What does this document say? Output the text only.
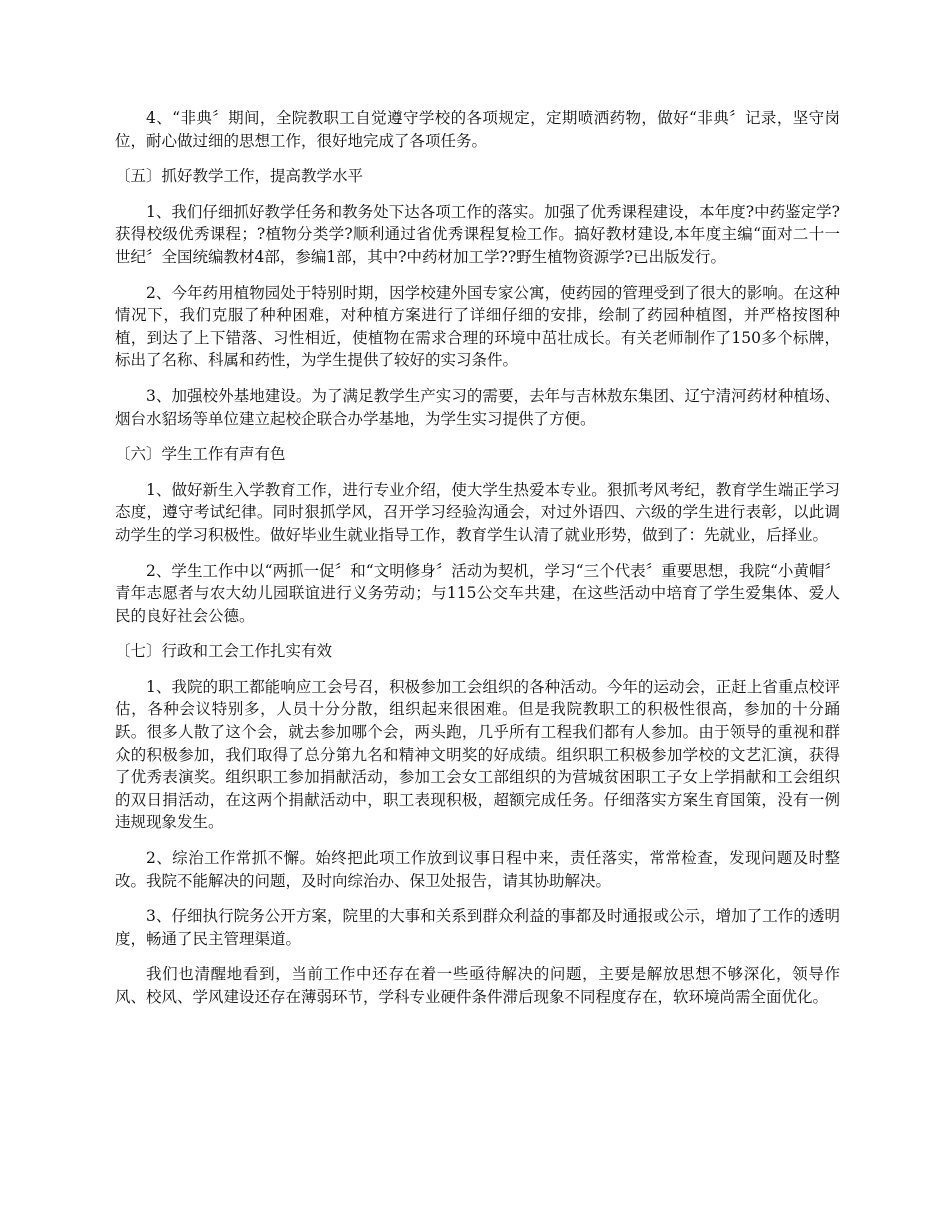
4、“非典〞期间，全院教职工自觉遵守学校的各项规定，定期喷洒药物，做好“非典〞记录，坚守岗位，耐心做过细的思想工作，很好地完成了各项任务。

〔五〕抓好教学工作，提高教学水平

1、我们仔细抓好教学任务和教务处下达各项工作的落实。加强了优秀课程建设，本年度?中药鉴定学?获得校级优秀课程；?植物分类学?顺利通过省优秀课程复检工作。搞好教材建设,本年度主编“面对二十一世纪〞全国统编教材4部，参编1部，其中?中药材加工学??野生植物资源学?已出版发行。

2、今年药用植物园处于特别时期，因学校建外国专家公寓，使药园的管理受到了很大的影响。在这种情况下，我们克服了种种困难，对种植方案进行了详细仔细的安排，绘制了药园种植图，并严格按图种植，到达了上下错落、习性相近，使植物在需求合理的环境中茁壮成长。有关老师制作了150多个标牌，标出了名称、科属和药性，为学生提供了较好的实习条件。

3、加强校外基地建设。为了满足教学生产实习的需要，去年与吉林敖东集团、辽宁清河药材种植场、烟台水貂场等单位建立起校企联合办学基地，为学生实习提供了方便。

〔六〕学生工作有声有色

1、做好新生入学教育工作，进行专业介绍，使大学生热爱本专业。狠抓考风考纪，教育学生端正学习态度，遵守考试纪律。同时狠抓学风，召开学习经验沟通会，对过外语四、六级的学生进行表彰，以此调动学生的学习积极性。做好毕业生就业指导工作，教育学生认清了就业形势，做到了：先就业，后择业。

2、学生工作中以“两抓一促〞和“文明修身〞活动为契机，学习“三个代表〞重要思想，我院“小黄帽〞青年志愿者与农大幼儿园联谊进行义务劳动；与115公交车共建，在这些活动中培育了学生爱集体、爱人民的良好社会公德。

〔七〕行政和工会工作扎实有效

1、我院的职工都能响应工会号召，积极参加工会组织的各种活动。今年的运动会，正赶上省重点校评估，各种会议特别多，人员十分分散，组织起来很困难。但是我院教职工的积极性很高，参加的十分踊跃。很多人散了这个会，就去参加哪个会，两头跑，几乎所有工程我们都有人参加。由于领导的重视和群众的积极参加，我们取得了总分第九名和精神文明奖的好成绩。组织职工积极参加学校的文艺汇演，获得了优秀表演奖。组织职工参加捐献活动，参加工会女工部组织的为营城贫困职工子女上学捐献和工会组织的双日捐活动，在这两个捐献活动中，职工表现积极，超额完成任务。仔细落实方案生育国策，没有一例违规现象发生。

2、综治工作常抓不懈。始终把此项工作放到议事日程中来，责任落实，常常检查，发现问题及时整改。我院不能解决的问题，及时向综治办、保卫处报告，请其协助解决。

3、仔细执行院务公开方案，院里的大事和关系到群众利益的事都及时通报或公示，增加了工作的透明度，畅通了民主管理渠道。

我们也清醒地看到，当前工作中还存在着一些亟待解决的问题，主要是解放思想不够深化，领导作风、校风、学风建设还存在薄弱环节，学科专业硬件条件滞后现象不同程度存在，软环境尚需全面优化。
